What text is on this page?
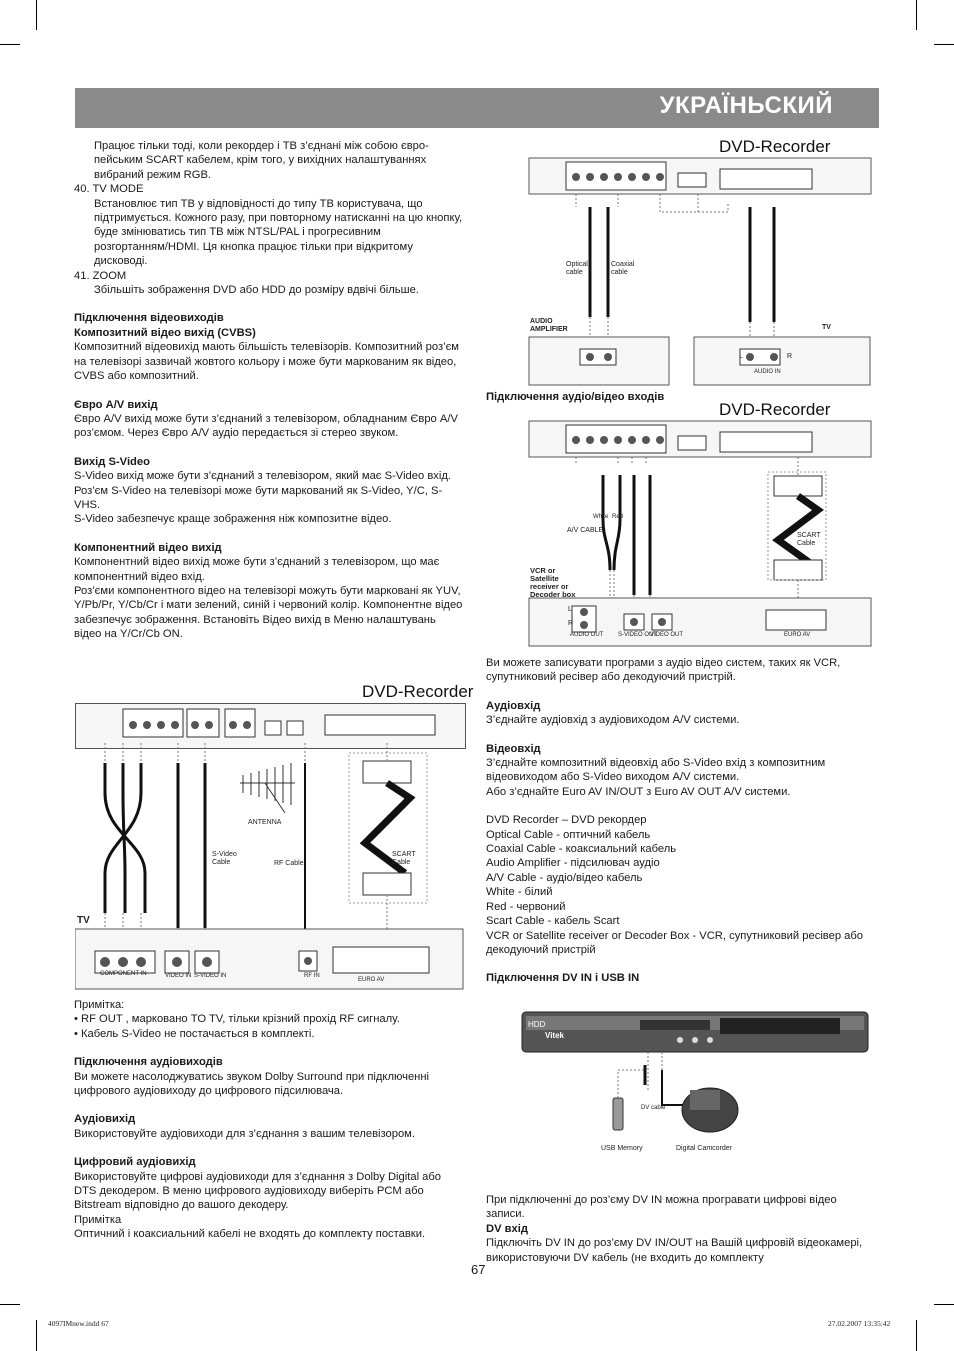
УКРАЇНЬСКИЙ

Працює тільки тоді, коли рекордер і ТВ з’єднані між собою євро-пейським SCART кабелем, крім того, у вихідних налаштуваннях вибраний режим RGB.

40. TV MODE

Встановлює тип ТВ у відповідності до типу ТВ користувача, що підтримується. Кожного разу, при повторному натисканні на цю кнопку, буде змінюватись тип ТВ між NTSL/PAL і прогресивним розгортанням/HDMI. Ця кнопка працює тільки при відкритому дисководі.

41. ZOOM

Збільшіть зображення DVD або HDD до розміру вдвічі більше.

Підключення відеовиходів

Композитний відео вихід (CVBS)

Композитний відеовихід мають більшість телевізорів. Композитний роз’єм на телевізорі зазвичай жовтого кольору і може бути маркованим як відео, CVBS або композитний.

Євро A/V вихід

Євро A/V вихід може бути з’єднаний з телевізором, обладнаним Євро A/V роз’ємом. Через Євро A/V аудіо передається зі стерео звуком.

Вихід S-Video

S-Video вихід може бути з’єднаний з телевізором, який має S-Video вхід.

Роз’єм S-Video на телевізорі може бути маркований як S-Video, Y/C, S-VHS.

S-Video забезпечує краще зображення ніж композитне відео.

Компонентний відео вихід

Компонентний відео вихід може бути з’єднаний з телевізором, що має компонентний відео вхід.

Роз’єми компонентного відео на телевізорі можуть бути марковані як YUV, Y/Pb/Pr, Y/Cb/Cr і мати зелений, синій і червоний колір. Компонентне відео забезпечує зображення. Встановіть Відео вихід в Меню налаштувань відео на Y/Cr/Cb ON.

DVD-Recorder
ANTENNA
S-Video Cable	RF Cable
SCART Cable
TV
COMPONENT IN	VIDEO IN S-VIDEO IN	RF IN
EURO AV

Примітка:

• RF OUT , марковано TO TV, тільки крізний прохід RF сигналу.

• Кабель S-Video не постачається в комплекті.

Підключення аудіовиходів

Ви можете насолоджуватись звуком Dolby Surround при підключенні цифрового аудіовиходу до цифрового підсилювача.

Аудіовихід

Використовуйте аудіовиходи для з’єднання з вашим телевізором.

Цифровий аудіовихід

Використовуйте цифрові аудіовиходи для з’єднання з Dolby Digital або DTS декодером. В меню цифрового аудіовиходу виберіть PCM або Bitstream відповідно до вашого декодеру.

Примітка

Оптичний і коаксиальний кабелі не входять до комплекту поставки.

DVD-Recorder
Optical cable
Coaxial cable
AUDIO AMPLIFIER	TV
L	R
AUDIO IN
Підключення аудіо/відео входів
DVD-Recorder
White Red
A/V CABLE
SCART Cable
VCR or Satellite receiver or Decoder box
L
R
AUDIO OUT S-VIDEO OUT
VIDEO OUT	EURO AV

Ви можете записувати програми з аудіо відео систем, таких як VCR, супутниковий ресівер або декодуючий пристрій.

Аудіовхід

З’єднайте аудіовхід з аудіовиходом A/V системи.

Відеовхід

З’єднайте композитний відеовхід або S-Video вхід з композитним відеовиходом або S-Video виходом A/V системи.

Або з’єднайте Euro AV IN/OUT з Euro AV OUT A/V системи.

DVD Recorder – DVD рекордер

Optical Cable - оптичний кабель

Coaxial Cable - коаксиальний кабель

Audio Amplifier - підсилювач аудіо

A/V Cable - аудіо/відео кабель

White - білий

Red - червоний

Scart Cable - кабель Scart

VCR or Satellite receiver or Decoder Box - VCR, супутниковий ресівер або декодуючий пристрій

Підключення DV IN і USB IN

HDD
Vitek
DV cable
USB Memory	Digital Camcorder

При підключенні до роз’єму DV IN можна програвати цифрові відео записи.

DV вхід

Підключіть DV IN до роз’єму DV IN/OUT на Вашій цифровій відеокамері, використовуючи DV кабель (не входить до комплекту

67
4097IMnew.indd 67	27.02.2007 13:35:42
